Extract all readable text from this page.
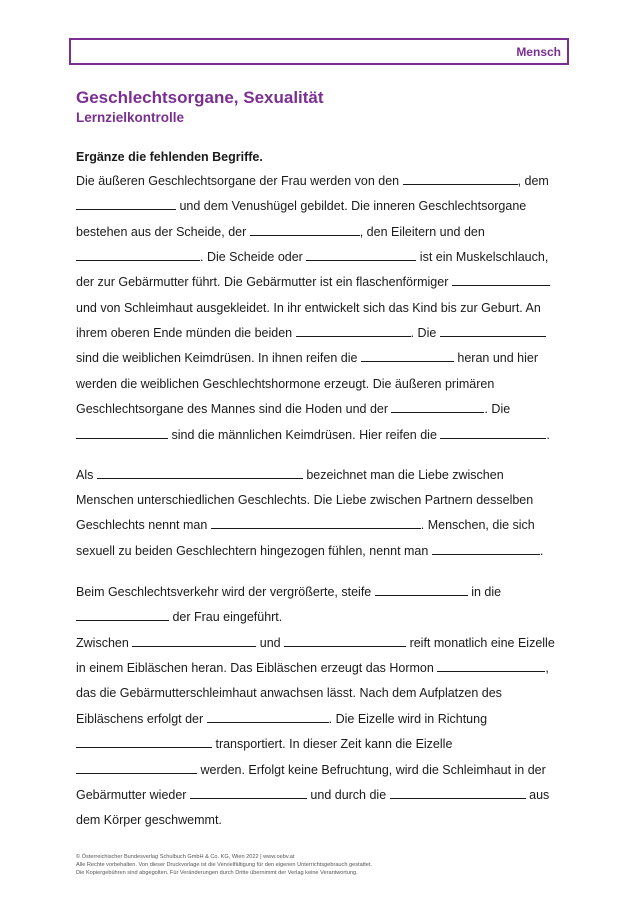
Mensch
Geschlechtsorgane, Sexualität
Lernzielkontrolle
Ergänze die fehlenden Begriffe.
Die äußeren Geschlechtsorgane der Frau werden von den	, dem
und dem Venushügel gebildet. Die inneren Geschlechtsorgane
bestehen aus der Scheide, der	, den Eileitern und den
. Die Scheide oder	ist ein Muskelschlauch,
der zur Gebärmutter führt. Die Gebärmutter ist ein flaschenförmiger
und von Schleimhaut ausgekleidet. In ihr entwickelt sich das Kind bis zur Geburt. An
ihrem oberen Ende münden die beiden	. Die
sind die weiblichen Keimdrüsen. In ihnen reifen die	heran und hier
werden die weiblichen Geschlechtshormone erzeugt. Die äußeren primären
Geschlechtsorgane des Mannes sind die Hoden und der	. Die
sind die männlichen Keimdrüsen. Hier reifen die	.
Als	bezeichnet man die Liebe zwischen
Menschen unterschiedlichen Geschlechts. Die Liebe zwischen Partnern desselben
Geschlechts nennt man	. Menschen, die sich
sexuell zu beiden Geschlechtern hingezogen fühlen, nennt man	.
Beim Geschlechtsverkehr wird der vergrößerte, steife	in die
der Frau eingeführt.
Zwischen	und	reift monatlich eine Eizelle
in einem Eibläschen heran. Das Eibläschen erzeugt das Hormon	,
das die Gebärmutterschleimhaut anwachsen lässt. Nach dem Aufplatzen des
Eibläschens erfolgt der	. Die Eizelle wird in Richtung
transportiert. In dieser Zeit kann die Eizelle
werden. Erfolgt keine Befruchtung, wird die Schleimhaut in der
Gebärmutter wieder	und durch die	aus
dem Körper geschwemmt.
© Österreichischer Bundesverlag Schulbuch GmbH & Co. KG, Wien 2022 | www.oebv.at
Alle Rechte vorbehalten. Von dieser Druckvorlage ist die Vervielfältigung für den eigenen Unterrichtsgebrauch gestattet.
Die Kopiergebühren sind abgegolten. Für Veränderungen durch Dritte übernimmt der Verlag keine Verantwortung.
